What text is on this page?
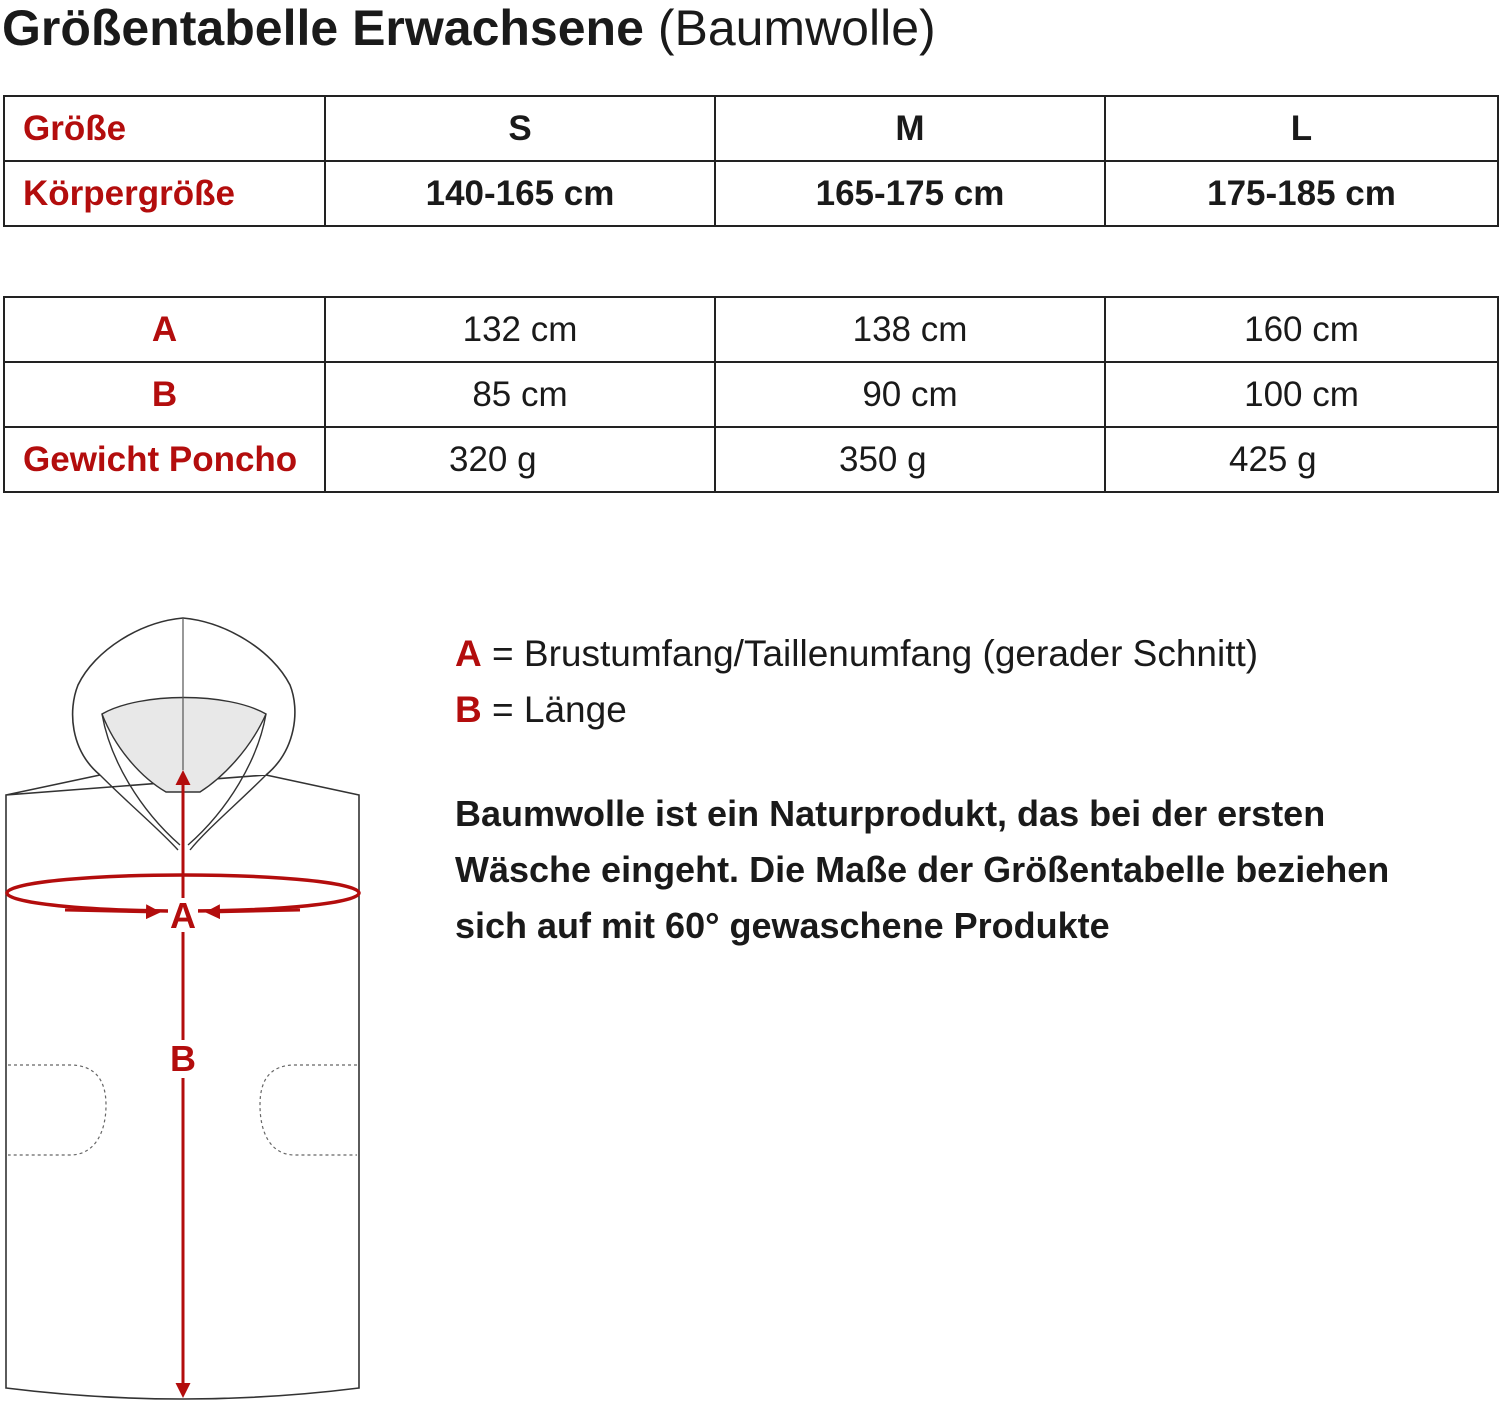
Größentabelle Erwachsene (Baumwolle)
Größe	S	M	L
Körpergröße	140-165 cm	165-175 cm	175-185 cm
A	132 cm	138 cm	160 cm
B	85 cm	90 cm	100 cm
Gewicht Poncho	320 g	350 g	425 g
A
B
A = Brustumfang/Taillenumfang (gerader Schnitt)
B = Länge
Baumwolle ist ein Naturprodukt, das bei der ersten
Wäsche eingeht. Die Maße der Größentabelle beziehen
sich auf mit 60° gewaschene Produkte
